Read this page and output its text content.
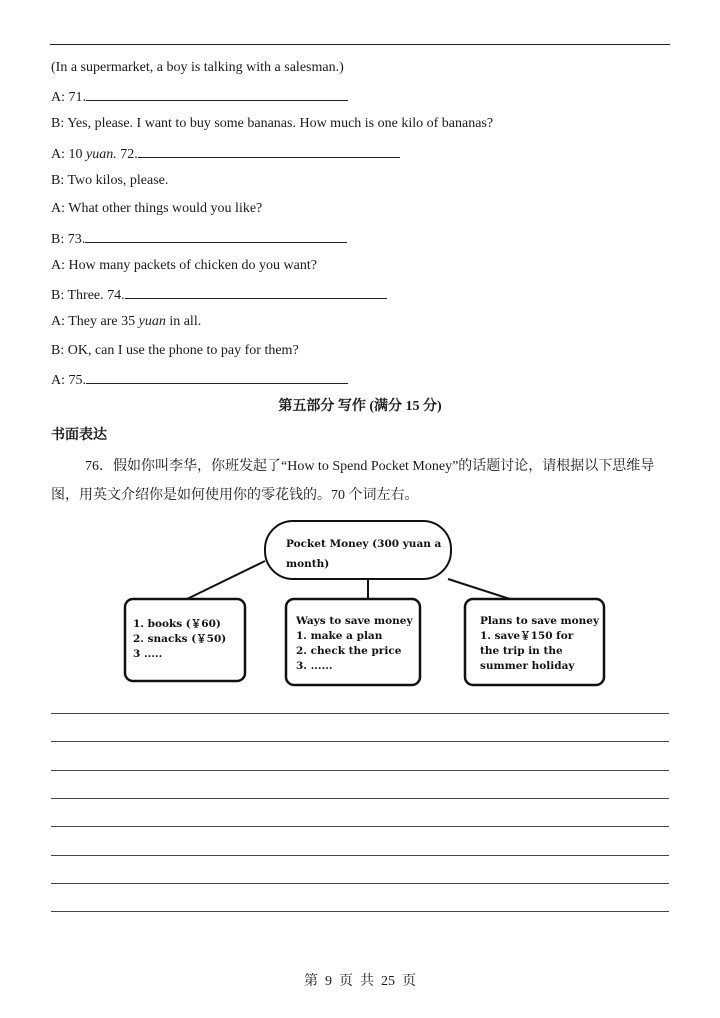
(In a supermarket, a boy is talking with a salesman.)
A: 71.
B: Yes, please. I want to buy some bananas. How much is one kilo of bananas?
A: 10 yuan. 72.
B: Two kilos, please.
A: What other things would you like?
B: 73.
A: How many packets of chicken do you want?
B: Three. 74.
A: They are 35 yuan in all.
B: OK, can I use the phone to pay for them?
A: 75.
第五部分 写作 (满分 15 分)
书面表达
76．假如你叫李华，你班发起了“How to Spend Pocket Money”的话题讨论，请根据以下思维导
图，用英文介绍你是如何使用你的零花钱的。70 个词左右。
Pocket Money (300 yuan a
month)
1. books (￥60)
2. snacks (￥50)
3 .....
Ways to save money
1. make a plan
2. check the price
3. ......
Plans to save money
1. save￥150 for
the trip in the
summer holiday
第 9 页 共 25 页
